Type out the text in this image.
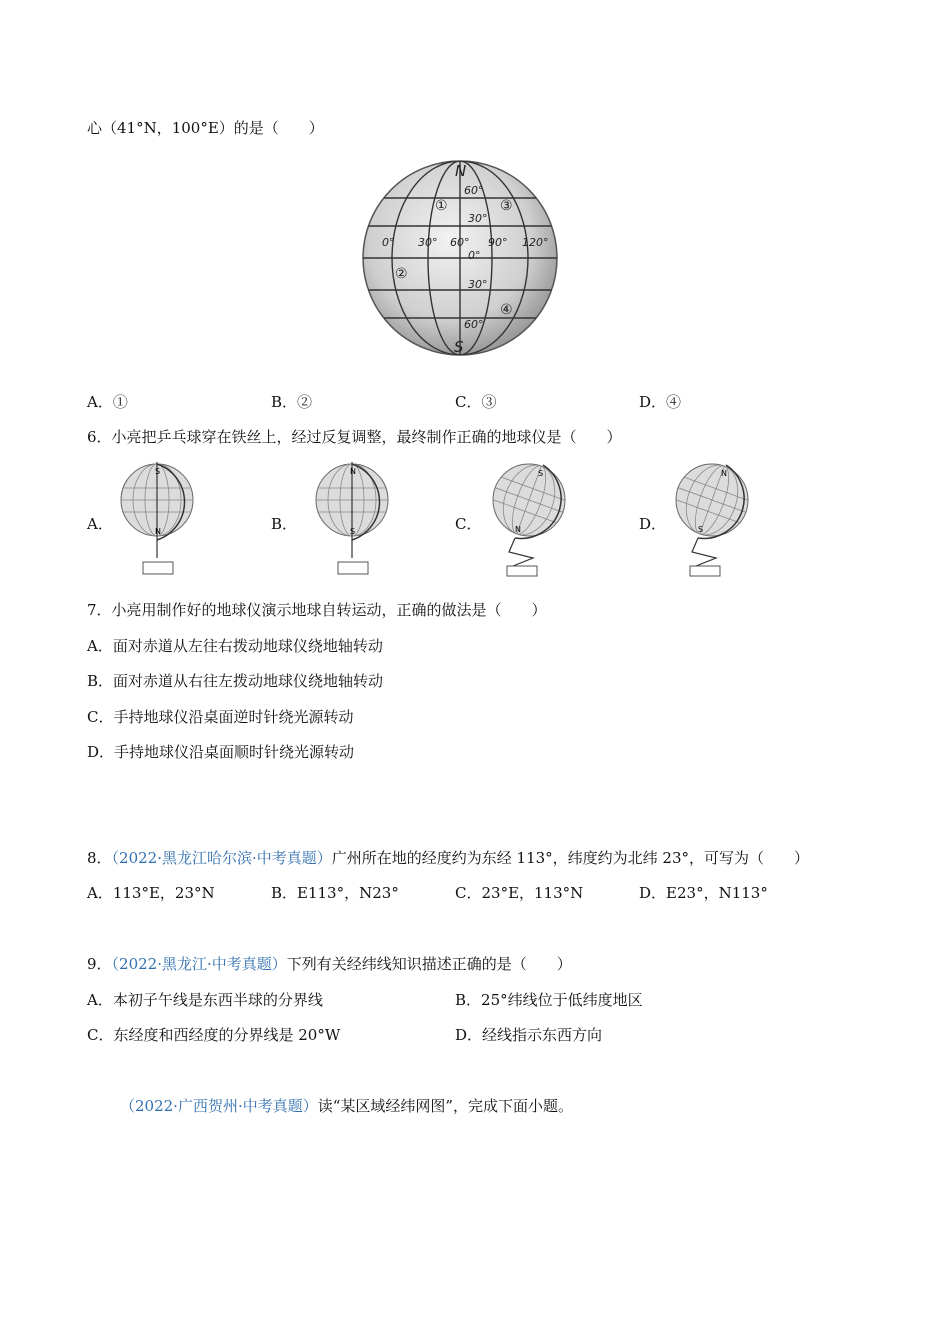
心（41°N，100°E）的是（　　）
N
S
0° 30° 60° 90° 120°
60°
30°
0°
30°
60°
①
②
③
④
A．①	B．②	C．③	D．④
6．小亮把乒乓球穿在铁丝上，经过反复调整，最终制作正确的地球仪是（　　）
A．	B．	C．	D．
S
N
N
S
S
N
N
S
7．小亮用制作好的地球仪演示地球自转运动，正确的做法是（　　）
A．面对赤道从左往右拨动地球仪绕地轴转动
B．面对赤道从右往左拨动地球仪绕地轴转动
C．手持地球仪沿桌面逆时针绕光源转动
D．手持地球仪沿桌面顺时针绕光源转动
8．（2022·黑龙江哈尔滨·中考真题）广州所在地的经度约为东经 113°，纬度约为北纬 23°，可写为（　　）
A．113°E，23°N	B．E113°，N23°	C．23°E，113°N	D．E23°，N113°
9．（2022·黑龙江·中考真题）下列有关经纬线知识描述正确的是（　　）
A．本初子午线是东西半球的分界线	B．25°纬线位于低纬度地区
C．东经度和西经度的分界线是 20°W	D．经线指示东西方向
（2022·广西贺州·中考真题）读“某区域经纬网图”，完成下面小题。
